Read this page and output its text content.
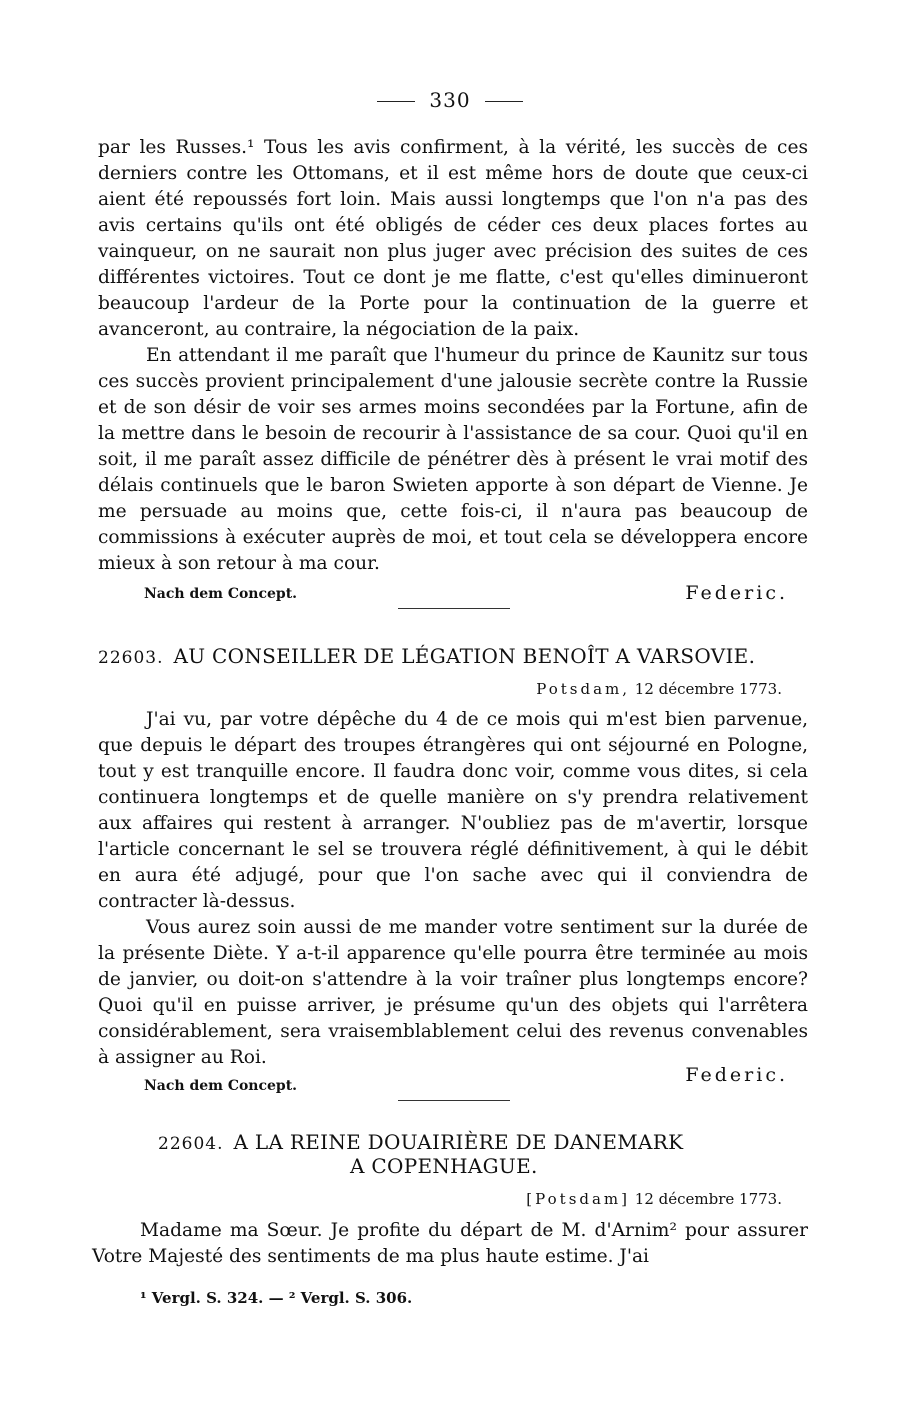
330

par les Russes.¹ Tous les avis confirment, à la vérité, les succès de ces derniers contre les Ottomans, et il est même hors de doute que ceux-ci aient été repoussés fort loin. Mais aussi longtemps que l'on n'a pas des avis certains qu'ils ont été obligés de céder ces deux places fortes au vainqueur, on ne saurait non plus juger avec précision des suites de ces différentes victoires. Tout ce dont je me flatte, c'est qu'elles diminueront beaucoup l'ardeur de la Porte pour la continuation de la guerre et avanceront, au contraire, la négociation de la paix.

En attendant il me paraît que l'humeur du prince de Kaunitz sur tous ces succès provient principalement d'une jalousie secrète contre la Russie et de son désir de voir ses armes moins secondées par la Fortune, afin de la mettre dans le besoin de recourir à l'assistance de sa cour. Quoi qu'il en soit, il me paraît assez difficile de pénétrer dès à présent le vrai motif des délais continuels que le baron Swieten apporte à son départ de Vienne. Je me persuade au moins que, cette fois-ci, il n'aura pas beaucoup de commissions à exécuter auprès de moi, et tout cela se développera encore mieux à son retour à ma cour.

Nach dem Concept.	Federic.
22603. AU CONSEILLER DE LÉGATION BENOÎT A VARSOVIE.
Potsdam, 12 décembre 1773.

J'ai vu, par votre dépêche du 4 de ce mois qui m'est bien parvenue, que depuis le départ des troupes étrangères qui ont séjourné en Pologne, tout y est tranquille encore. Il faudra donc voir, comme vous dites, si cela continuera longtemps et de quelle manière on s'y prendra relativement aux affaires qui restent à arranger. N'oubliez pas de m'avertir, lorsque l'article concernant le sel se trouvera réglé définitivement, à qui le débit en aura été adjugé, pour que l'on sache avec qui il conviendra de contracter là-dessus.

Vous aurez soin aussi de me mander votre sentiment sur la durée de la présente Diète. Y a-t-il apparence qu'elle pourra être terminée au mois de janvier, ou doit-on s'attendre à la voir traîner plus longtemps encore? Quoi qu'il en puisse arriver, je présume qu'un des objets qui l'arrêtera considérablement, sera vraisemblablement celui des revenus convenables à assigner au Roi.

Nach dem Concept.	Federic.
22604. A LA REINE DOUAIRIÈRE DE DANEMARK
A COPENHAGUE.
[Potsdam] 12 décembre 1773.

Madame ma Sœur. Je profite du départ de M. d'Arnim² pour assurer Votre Majesté des sentiments de ma plus haute estime. J'ai

¹ Vergl. S. 324. — ² Vergl. S. 306.
